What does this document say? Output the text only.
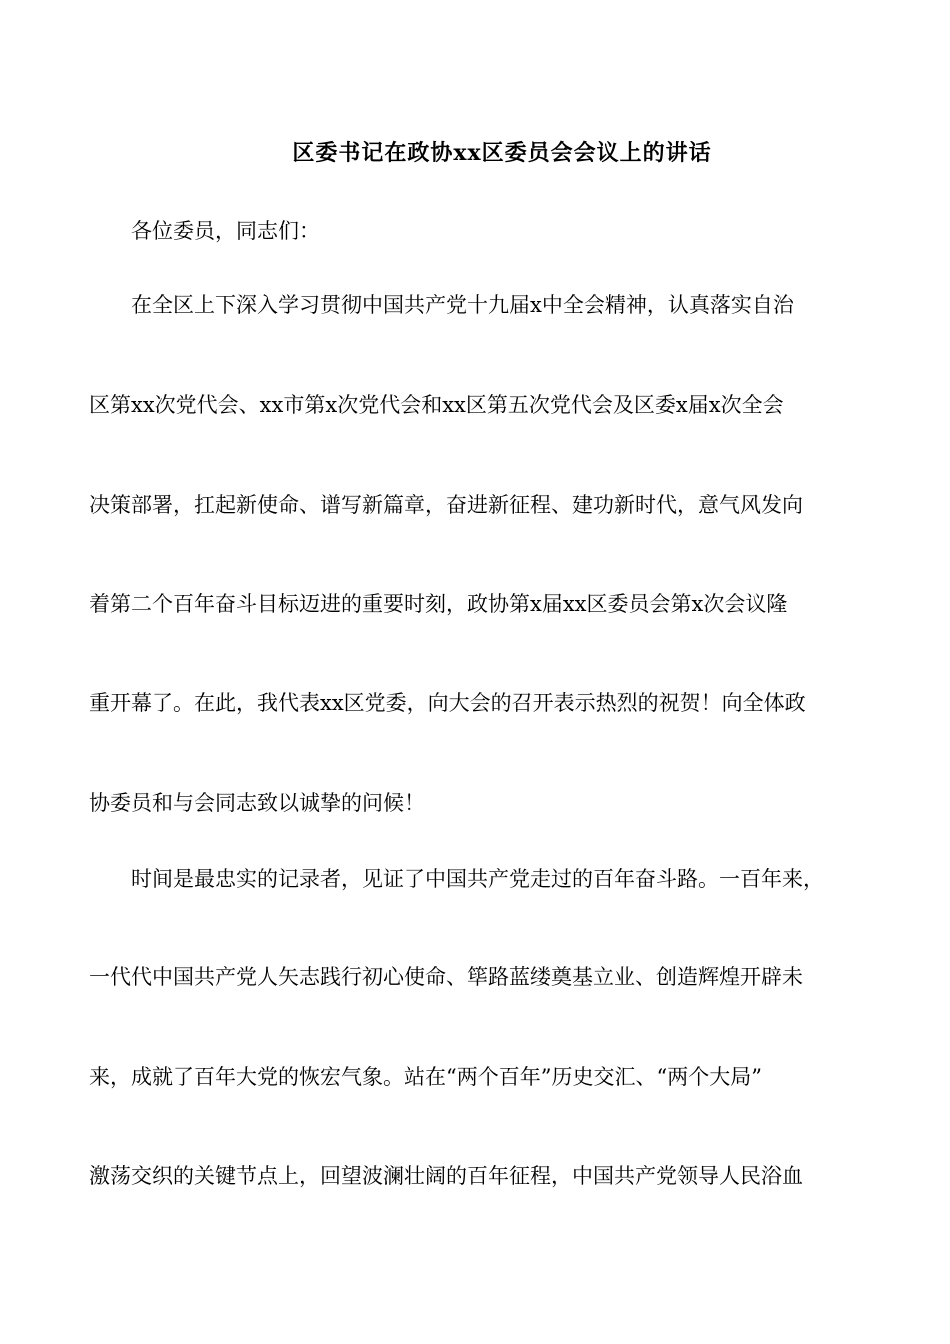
区委书记在政协xx区委员会会议上的讲话
各位委员，同志们：
在全区上下深入学习贯彻中国共产党十九届x中全会精神，认真落实自治
区第xx次党代会、xx市第x次党代会和xx区第五次党代会及区委x届x次全会
决策部署，扛起新使命、谱写新篇章，奋进新征程、建功新时代，意气风发向
着第二个百年奋斗目标迈进的重要时刻，政协第x届xx区委员会第x次会议隆
重开幕了。在此，我代表xx区党委，向大会的召开表示热烈的祝贺！向全体政
协委员和与会同志致以诚挚的问候！
时间是最忠实的记录者，见证了中国共产党走过的百年奋斗路。一百年来，
一代代中国共产党人矢志践行初心使命、筚路蓝缕奠基立业、创造辉煌开辟未
来，成就了百年大党的恢宏气象。站在“两个百年”历史交汇、“两个大局”
激荡交织的关键节点上，回望波澜壮阔的百年征程，中国共产党领导人民浴血
